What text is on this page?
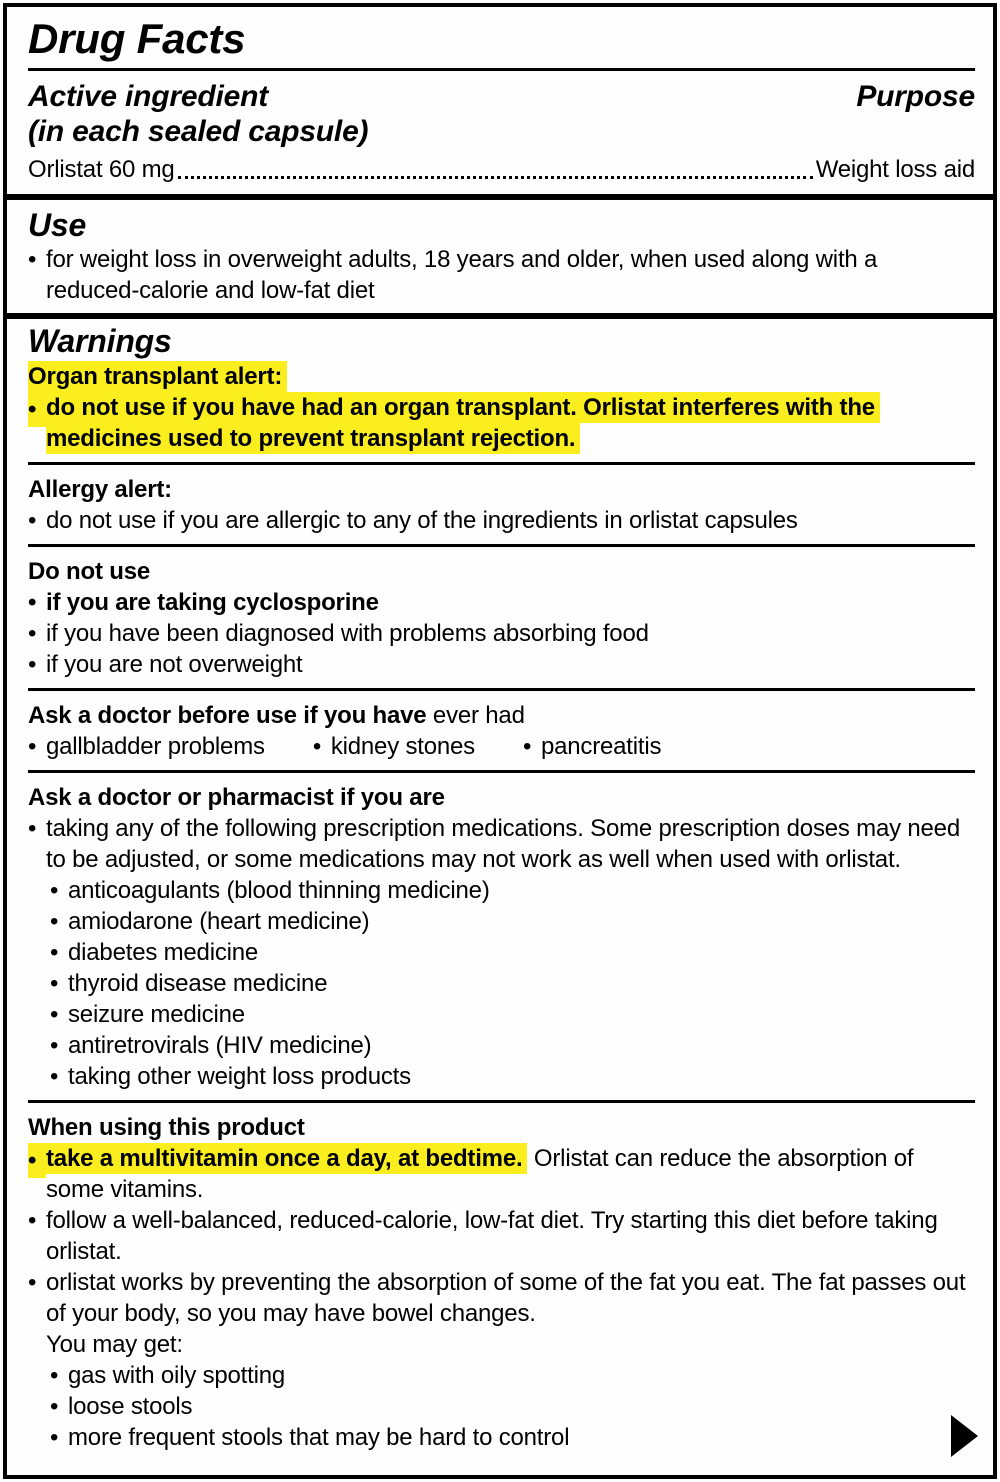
Drug Facts
Active ingredient
(in each sealed capsule)
Purpose
Orlistat 60 mg	Weight loss aid
Use
•
for weight loss in overweight adults, 18 years and older, when used along with a reduced-calorie and low-fat diet
Warnings
Organ transplant alert:
•
do not use if you have had an organ transplant. Orlistat interferes with the medicines used to prevent transplant rejection.
Allergy alert:
•
do not use if you are allergic to any of the ingredients in orlistat capsules
Do not use
•
if you are taking cyclosporine
•
if you have been diagnosed with problems absorbing food
•
if you are not overweight
Ask a doctor before use if you have ever had
•
gallbladder problems •	kidney stones •	pancreatitis
Ask a doctor or pharmacist if you are
•
taking any of the following prescription medications. Some prescription doses may need to be adjusted, or some medications may not work as well when used with orlistat.
•
anticoagulants (blood thinning medicine)
•
amiodarone (heart medicine)
•
diabetes medicine
•
thyroid disease medicine
•
seizure medicine
•
antiretrovirals (HIV medicine)
•
taking other weight loss products
When using this product
•
take a multivitamin once a day, at bedtime. Orlistat can reduce the absorption of some vitamins.
•
follow a well-balanced, reduced-calorie, low-fat diet. Try starting this diet before taking orlistat.
•
orlistat works by preventing the absorption of some of the fat you eat. The fat passes out of your body, so you may have bowel changes.
You may get:
•
gas with oily spotting
•
loose stools
•
more frequent stools that may be hard to control
